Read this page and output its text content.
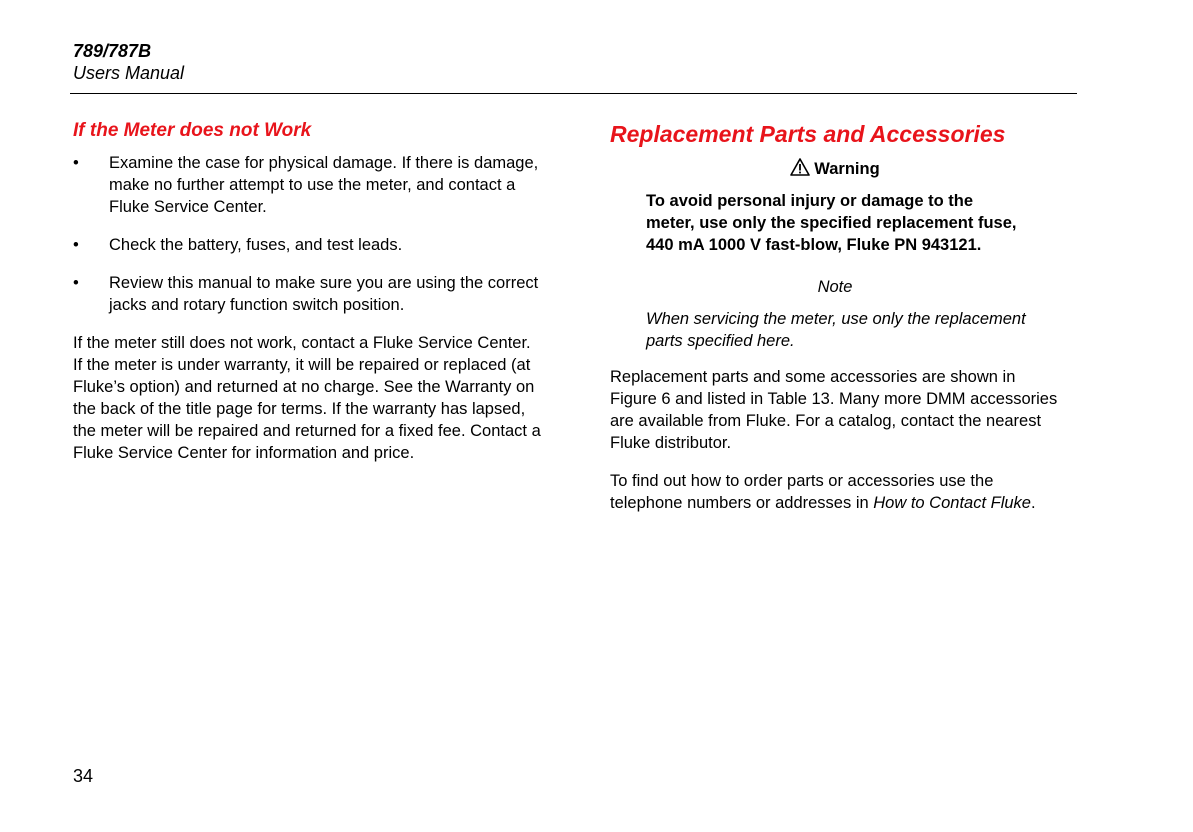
789/787B
Users Manual
If the Meter does not Work
• Examine the case for physical damage. If there is damage, make no further attempt to use the meter, and contact a Fluke Service Center.
• Check the battery, fuses, and test leads.
• Review this manual to make sure you are using the correct jacks and rotary function switch position.

If the meter still does not work, contact a Fluke Service Center. If the meter is under warranty, it will be repaired or replaced (at Fluke’s option) and returned at no charge. See the Warranty on the back of the title page for terms. If the warranty has lapsed, the meter will be repaired and returned for a fixed fee. Contact a Fluke Service Center for information and price.

Replacement Parts and Accessories
Warning

To avoid personal injury or damage to the meter, use only the specified replacement fuse, 440 mA 1000 V fast-blow, Fluke PN 943121.

Note

When servicing the meter, use only the replacement parts specified here.

Replacement parts and some accessories are shown in Figure 6 and listed in Table 13. Many more DMM accessories are available from Fluke. For a catalog, contact the nearest Fluke distributor.

To find out how to order parts or accessories use the telephone numbers or addresses in How to Contact Fluke.

34
